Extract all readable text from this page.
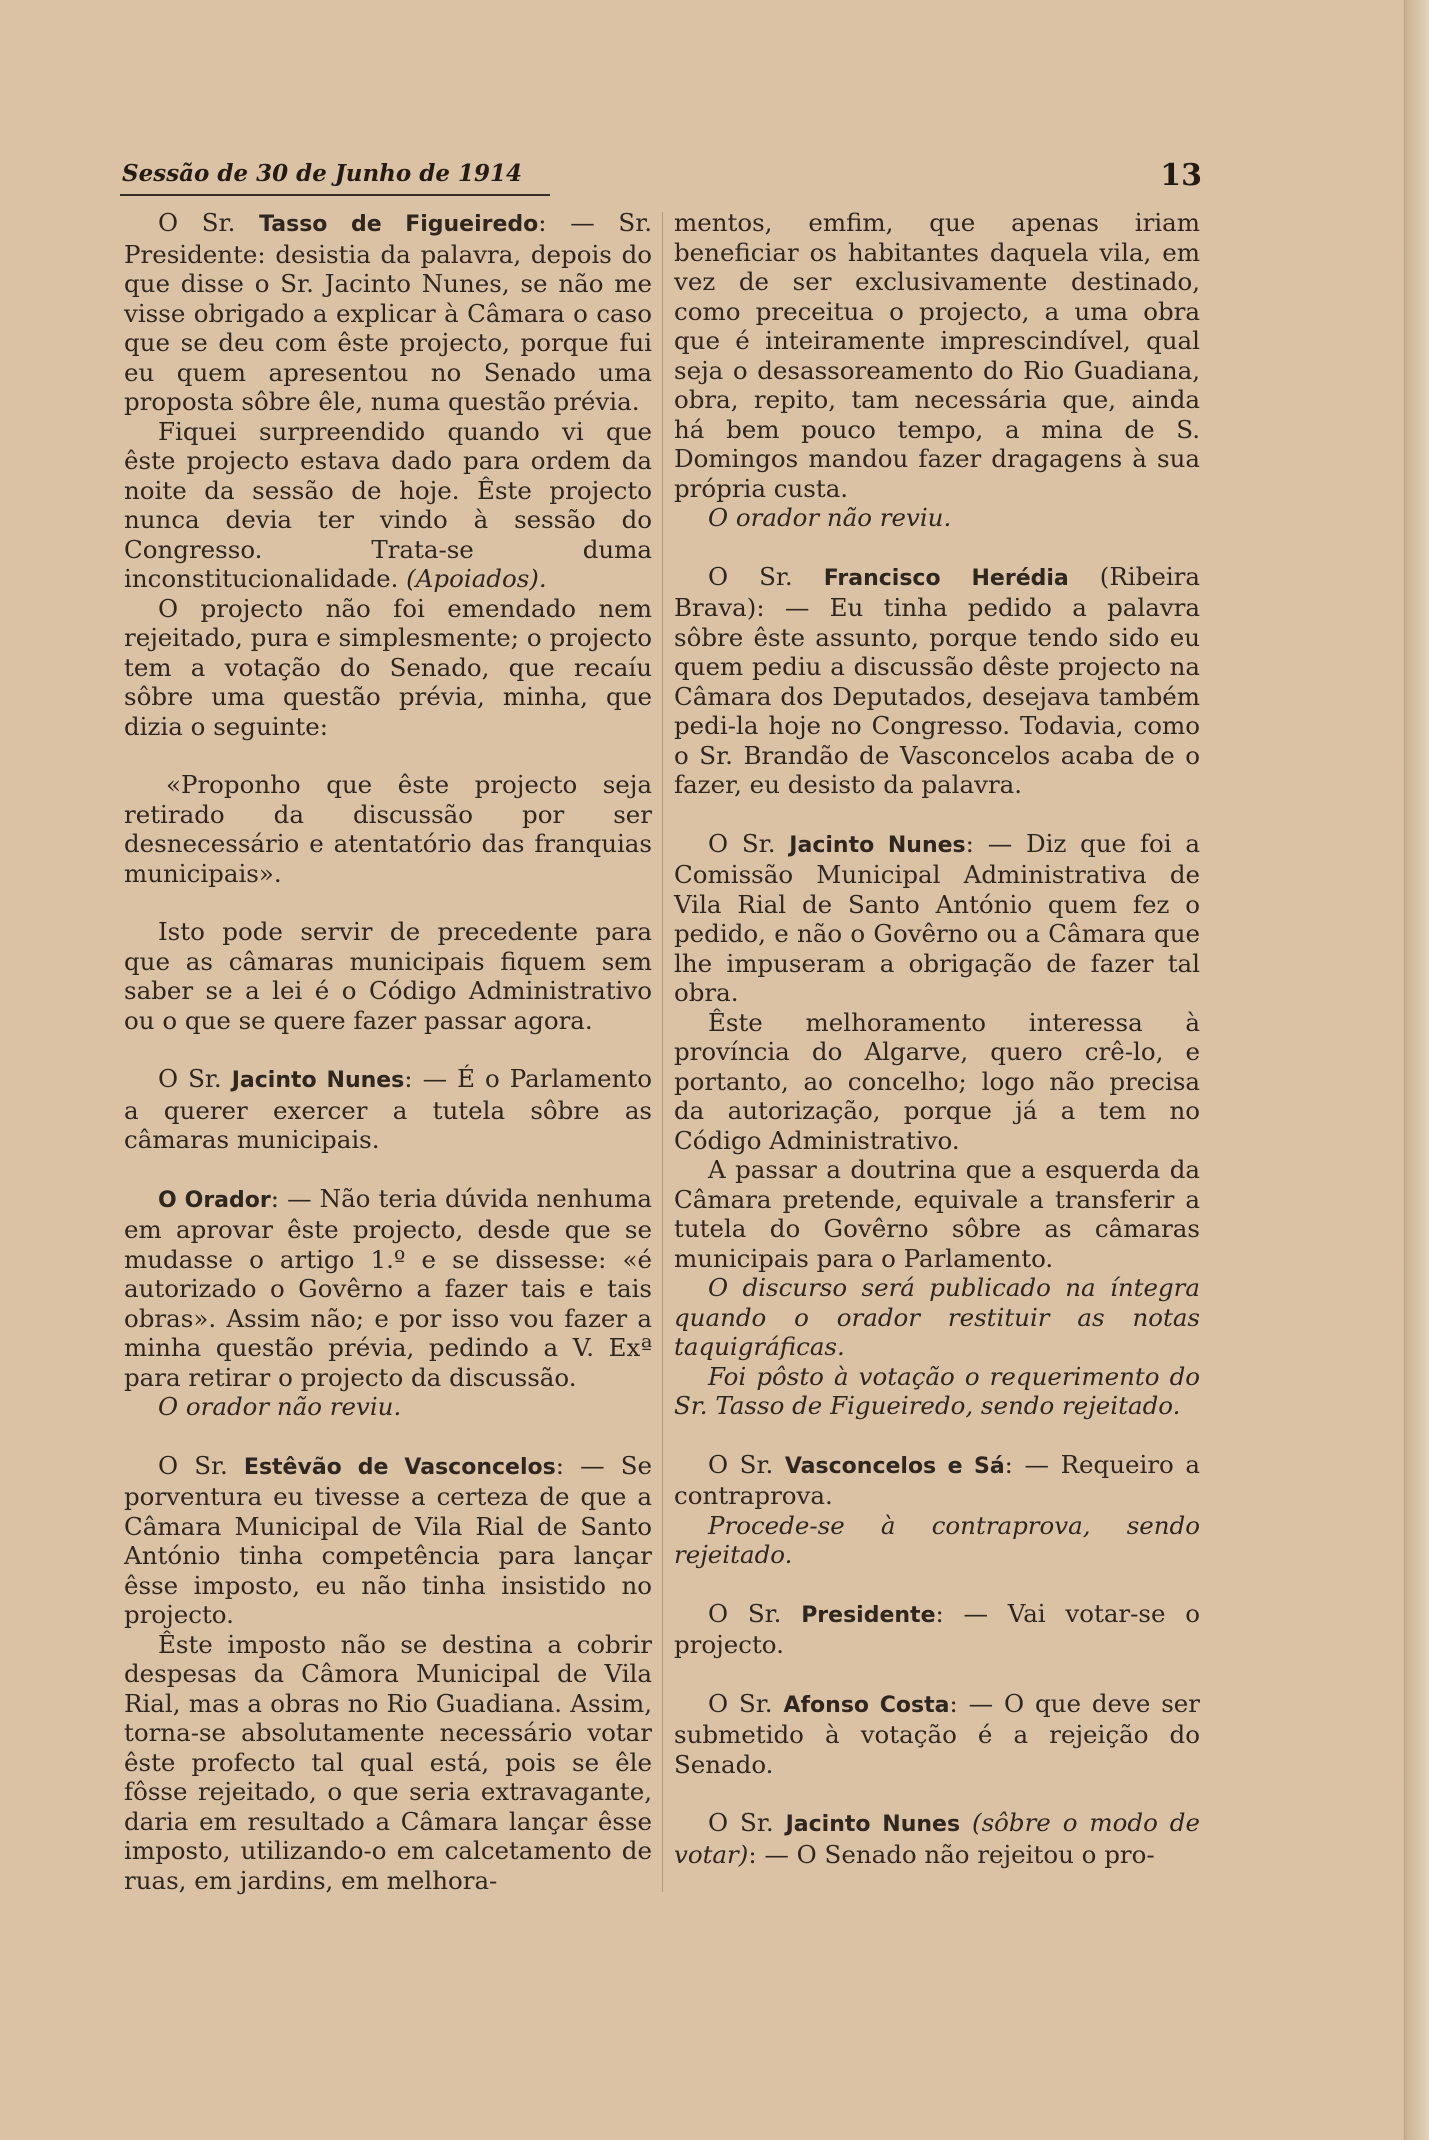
Sessão de 30 de Junho de 1914	13

O Sr. Tasso de Figueiredo: — Sr. Presidente: desistia da palavra, depois do que disse o Sr. Jacinto Nunes, se não me visse obrigado a explicar à Câmara o caso que se deu com êste projecto, porque fui eu quem apresentou no Senado uma proposta sôbre êle, numa questão prévia.

Fiquei surpreendido quando vi que êste projecto estava dado para ordem da noite da sessão de hoje. Êste projecto nunca devia ter vindo à sessão do Congresso. Trata-se duma inconstitucionalidade. (Apoiados).

O projecto não foi emendado nem rejeitado, pura e simplesmente; o projecto tem a votação do Senado, que recaíu sôbre uma questão prévia, minha, que dizia o seguinte:

«Proponho que êste projecto seja retirado da discussão por ser desnecessário e atentatório das franquias municipais».

Isto pode servir de precedente para que as câmaras municipais fiquem sem saber se a lei é o Código Administrativo ou o que se quere fazer passar agora.

O Sr. Jacinto Nunes: — É o Parlamento a querer exercer a tutela sôbre as câmaras municipais.

O Orador: — Não teria dúvida nenhuma em aprovar êste projecto, desde que se mudasse o artigo 1.º e se dissesse: «é autorizado o Govêrno a fazer tais e tais obras». Assim não; e por isso vou fazer a minha questão prévia, pedindo a V. Exª para retirar o projecto da discussão.

O orador não reviu.

O Sr. Estêvão de Vasconcelos: — Se porventura eu tivesse a certeza de que a Câmara Municipal de Vila Rial de Santo António tinha competência para lançar êsse imposto, eu não tinha insistido no projecto.

Êste imposto não se destina a cobrir despesas da Câmora Municipal de Vila Rial, mas a obras no Rio Guadiana. Assim, torna-se absolutamente necessário votar êste profecto tal qual está, pois se êle fôsse rejeitado, o que seria extravagante, daria em resultado a Câmara lançar êsse imposto, utilizando-o em calcetamento de ruas, em jardins, em melhora-

mentos, emfim, que apenas iriam beneficiar os habitantes daquela vila, em vez de ser exclusivamente destinado, como preceitua o projecto, a uma obra que é inteiramente imprescindível, qual seja o desassoreamento do Rio Guadiana, obra, repito, tam necessária que, ainda há bem pouco tempo, a mina de S. Domingos mandou fazer dragagens à sua própria custa.

O orador não reviu.

O Sr. Francisco Herédia (Ribeira Brava): — Eu tinha pedido a palavra sôbre êste assunto, porque tendo sido eu quem pediu a discussão dêste projecto na Câmara dos Deputados, desejava também pedi-la hoje no Congresso. Todavia, como o Sr. Brandão de Vasconcelos acaba de o fazer, eu desisto da palavra.

O Sr. Jacinto Nunes: — Diz que foi a Comissão Municipal Administrativa de Vila Rial de Santo António quem fez o pedido, e não o Govêrno ou a Câmara que lhe impuseram a obrigação de fazer tal obra.

Êste melhoramento interessa à província do Algarve, quero crê-lo, e portanto, ao concelho; logo não precisa da autorização, porque já a tem no Código Administrativo.

A passar a doutrina que a esquerda da Câmara pretende, equivale a transferir a tutela do Govêrno sôbre as câmaras municipais para o Parlamento.

O discurso será publicado na íntegra quando o orador restituir as notas taquigráficas.

Foi pôsto à votação o requerimento do Sr. Tasso de Figueiredo, sendo rejeitado.

O Sr. Vasconcelos e Sá: — Requeiro a contraprova.

Procede-se à contraprova, sendo rejeitado.

O Sr. Presidente: — Vai votar-se o projecto.

O Sr. Afonso Costa: — O que deve ser submetido à votação é a rejeição do Senado.

O Sr. Jacinto Nunes (sôbre o modo de votar): — O Senado não rejeitou o pro-
